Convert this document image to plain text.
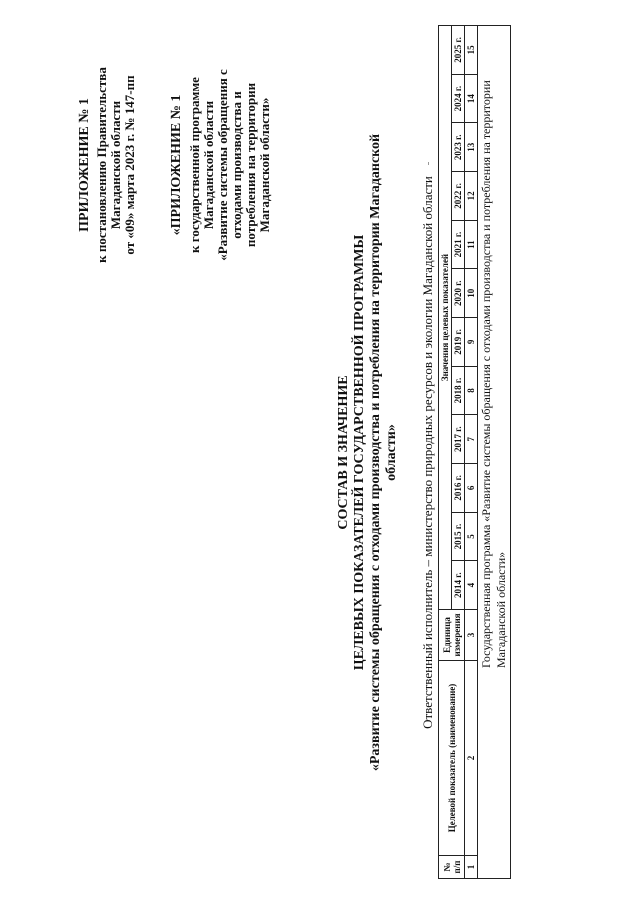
ПРИЛОЖЕНИЕ № 1 к постановлению Правительства Магаданской области от «09» марта 2023 г. № 147-пп «ПРИЛОЖЕНИЕ № 1 к государственной программе Магаданской области «Развитие системы обращения с отходами производства и потребления на территории Магаданской области»
СОСТАВ И ЗНАЧЕНИЕ ЦЕЛЕВЫХ ПОКАЗАТЕЛЕЙ ГОСУДАРСТВЕННОЙ ПРОГРАММЫ «Развитие системы обращения с отходами производства и потребления на территории Магаданской области» Ответственный исполнитель – министерство природных ресурсов и экологии Магаданской области
№ п/п	Целевой показатель (наименование)	Единица измерения	Значения целевых показателей											
			2014 г.	2015 г.	2016 г.	2017 г.	2018 г.	2019 г.	2020 г.	2021 г.	2022 г.	2023 г.	2024 г.	2025 г.
1	2	3	4	5	6	7	8	9	10	11	12	13	14	15
Государственная программа «Развитие системы обращения с отходами производства и потребления на территории Магаданской области»														
